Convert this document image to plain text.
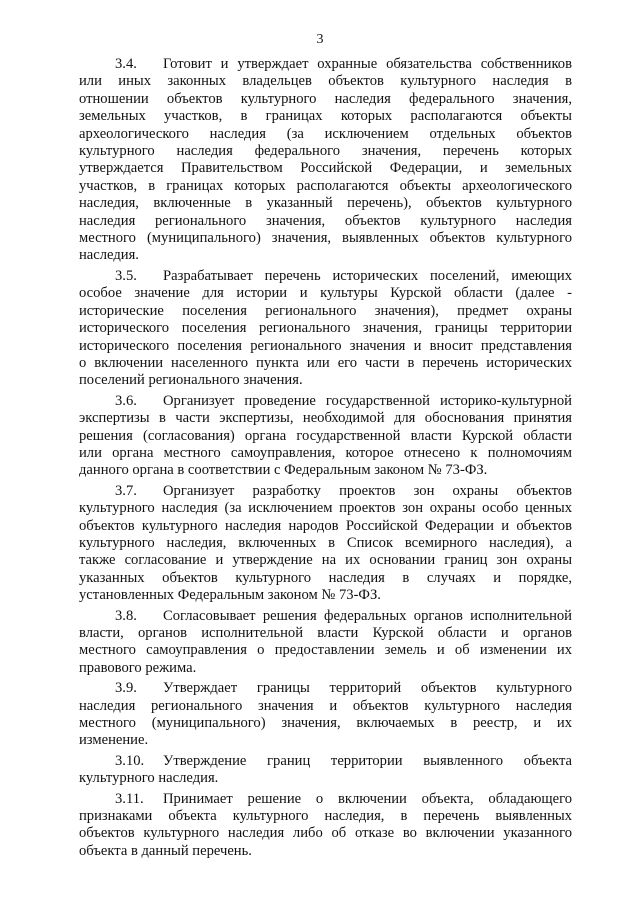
3
3.4. Готовит и утверждает охранные обязательства собственников
или иных законных владельцев объектов культурного наследия в
отношении объектов культурного наследия федерального значения,
земельных участков, в границах которых располагаются объекты
археологического наследия (за исключением отдельных объектов
культурного наследия федерального значения, перечень которых
утверждается Правительством Российской Федерации, и земельных
участков, в границах которых располагаются объекты археологического
наследия, включенные в указанный перечень), объектов культурного
наследия регионального значения, объектов культурного наследия
местного (муниципального) значения, выявленных объектов культурного
наследия.
3.5. Разрабатывает перечень исторических поселений, имеющих
особое значение для истории и культуры Курской области (далее -
исторические поселения регионального значения), предмет охраны
исторического поселения регионального значения, границы территории
исторического поселения регионального значения и вносит представления
о включении населенного пункта или его части в перечень исторических
поселений регионального значения.
3.6. Организует проведение государственной историко-культурной
экспертизы в части экспертизы, необходимой для обоснования принятия
решения (согласования) органа государственной власти Курской области
или органа местного самоуправления, которое отнесено к полномочиям
данного органа в соответствии с Федеральным законом № 73-ФЗ.
3.7. Организует разработку проектов зон охраны объектов
культурного наследия (за исключением проектов зон охраны особо ценных
объектов культурного наследия народов Российской Федерации и объектов
культурного наследия, включенных в Список всемирного наследия), а
также согласование и утверждение на их основании границ зон охраны
указанных объектов культурного наследия в случаях и порядке,
установленных Федеральным законом № 73-ФЗ.
3.8. Согласовывает решения федеральных органов исполнительной
власти, органов исполнительной власти Курской области и органов
местного самоуправления о предоставлении земель и об изменении их
правового режима.
3.9. Утверждает границы территорий объектов культурного
наследия регионального значения и объектов культурного наследия
местного (муниципального) значения, включаемых в реестр, и их
изменение.
3.10. Утверждение границ территории выявленного объекта
культурного наследия.
3.11. Принимает решение о включении объекта, обладающего
признаками объекта культурного наследия, в перечень выявленных
объектов культурного наследия либо об отказе во включении указанного
объекта в данный перечень.
